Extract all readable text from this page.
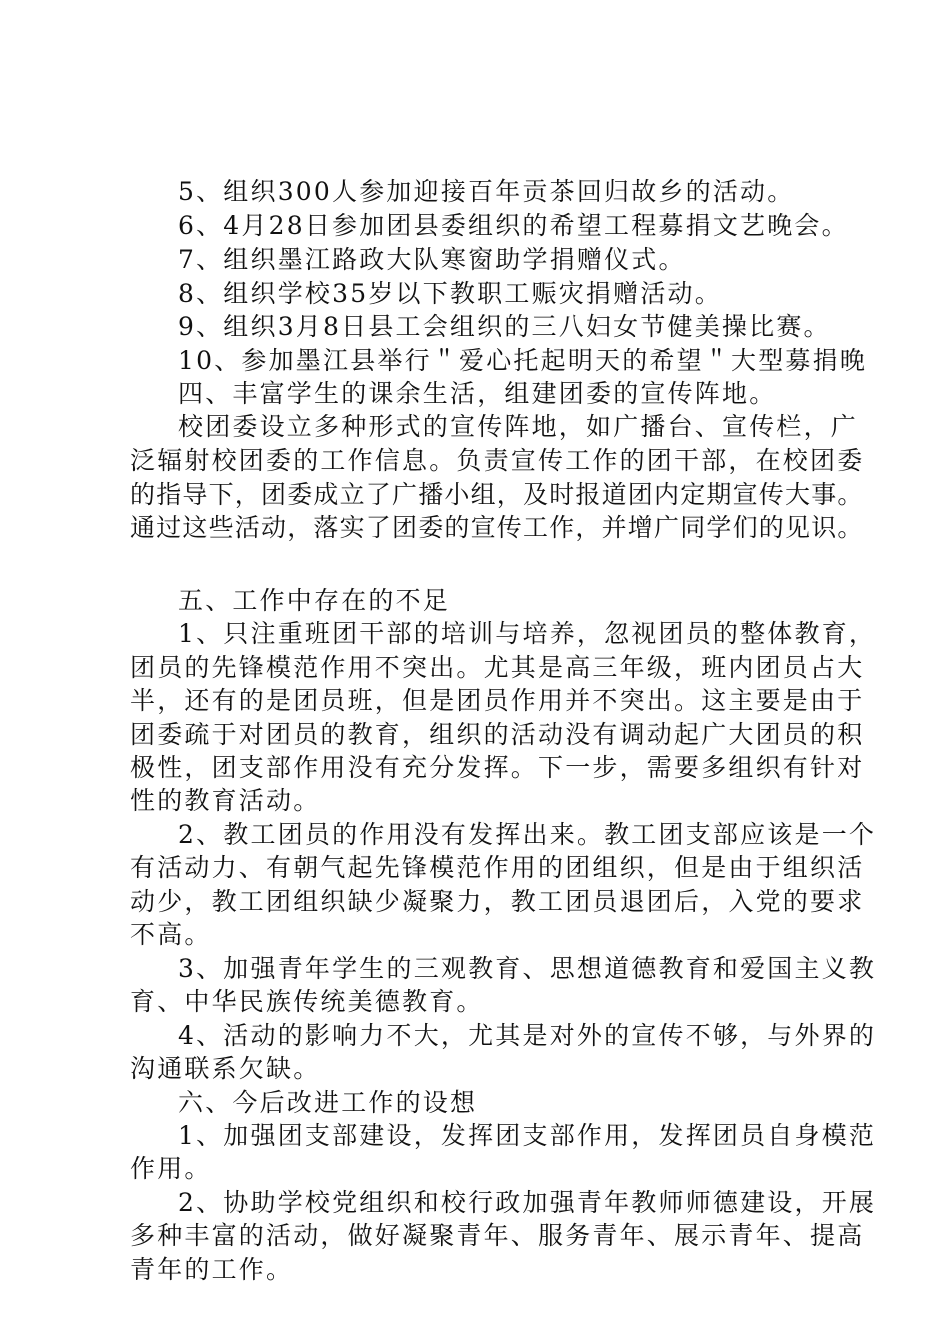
5、组织300人参加迎接百年贡茶回归故乡的活动。
6、4月28日参加团县委组织的希望工程募捐文艺晚会。
7、组织墨江路政大队寒窗助学捐赠仪式。
8、组织学校35岁以下教职工赈灾捐赠活动。
9、组织3月8日县工会组织的三八妇女节健美操比赛。
10、参加墨江县举行＂爱心托起明天的希望＂大型募捐晚
四、丰富学生的课余生活，组建团委的宣传阵地。
校团委设立多种形式的宣传阵地，如广播台、宣传栏，广
泛辐射校团委的工作信息。负责宣传工作的团干部，在校团委
的指导下，团委成立了广播小组，及时报道团内定期宣传大事。
通过这些活动，落实了团委的宣传工作，并增广同学们的见识。
五、工作中存在的不足
1、只注重班团干部的培训与培养，忽视团员的整体教育，
团员的先锋模范作用不突出。尤其是高三年级，班内团员占大
半，还有的是团员班，但是团员作用并不突出。这主要是由于
团委疏于对团员的教育，组织的活动没有调动起广大团员的积
极性，团支部作用没有充分发挥。下一步，需要多组织有针对
性的教育活动。
2、教工团员的作用没有发挥出来。教工团支部应该是一个
有活动力、有朝气起先锋模范作用的团组织，但是由于组织活
动少，教工团组织缺少凝聚力，教工团员退团后，入党的要求
不高。
3、加强青年学生的三观教育、思想道德教育和爱国主义教
育、中华民族传统美德教育。
4、活动的影响力不大，尤其是对外的宣传不够，与外界的
沟通联系欠缺。
六、今后改进工作的设想
1、加强团支部建设，发挥团支部作用，发挥团员自身模范
作用。
2、协助学校党组织和校行政加强青年教师师德建设，开展
多种丰富的活动，做好凝聚青年、服务青年、展示青年、提高
青年的工作。
